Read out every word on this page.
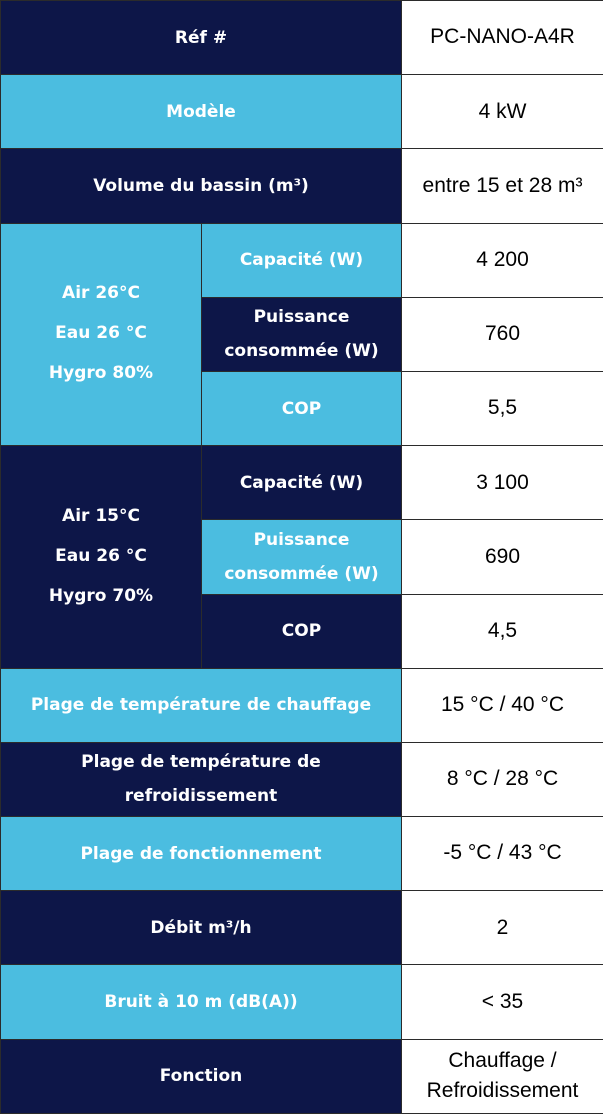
Réf #		PC-NANO-A4R
Modèle		4 kW
Volume du bassin (m³)		entre 15 et 28 m³

Air 26°C
Eau 26 °C
Hygro 80%	Capacité (W)	4 200
	Puissance consommée (W)	760
	COP	5,5

Air 15°C
Eau 26 °C
Hygro 70%	Capacité (W)	3 100
	Puissance consommée (W)	690
	COP	4,5
Plage de température de chauffage		15 °C / 40 °C
Plage de température de refroidissement		8 °C / 28 °C
Plage de fonctionnement		-5 °C / 43 °C
Débit m³/h		2
Bruit à 10 m (dB(A))		< 35
Fonction		Chauffage / Refroidissement
